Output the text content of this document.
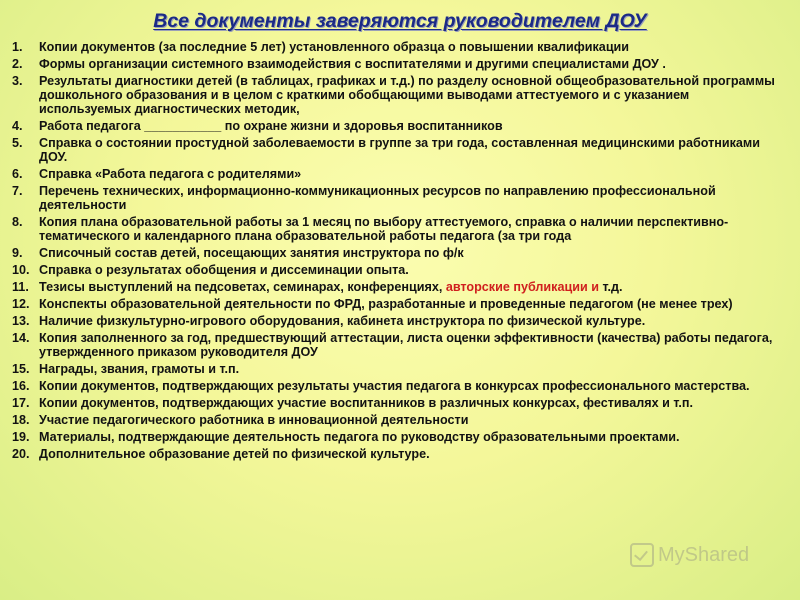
Все документы заверяются руководителем ДОУ
1.	Копии документов (за последние 5 лет) установленного образца о повышении квалификации
2.	Формы организации системного взаимодействия с воспитателями и другими специалистами ДОУ .
3.	Результаты диагностики детей (в таблицах, графиках и т.д.) по разделу основной общеобразовательной программы дошкольного образования и в целом с краткими обобщающими выводами аттестуемого и с указанием используемых диагностических методик,
4.	Работа педагога ___________ по охране жизни и здоровья воспитанников
5.	Справка о состоянии простудной заболеваемости в группе за три года, составленная медицинскими работниками ДОУ.
6.	Справка «Работа педагога с родителями»
7.	Перечень технических, информационно-коммуникационных ресурсов по направлению профессиональной деятельности
8.	Копия плана образовательной работы за 1 месяц по выбору аттестуемого, справка о наличии перспективно-тематического и календарного плана образовательной работы педагога (за три года
9.	Списочный состав детей, посещающих занятия инструктора по ф/к
10. Справка о результатах обобщения и диссеминации опыта.
11. Тезисы выступлений на педсоветах, семинарах, конференциях, авторские публикации и т.д.
12. Конспекты образовательной деятельности по ФРД, разработанные и проведенные педагогом (не менее трех)
13. Наличие физкультурно-игрового оборудования, кабинета инструктора по физической культуре.
14. Копия заполненного за год, предшествующий аттестации, листа оценки эффективности (качества) работы педагога, утвержденного приказом руководителя ДОУ
15. Награды, звания, грамоты и т.п.
16. Копии документов, подтверждающих результаты участия педагога в конкурсах профессионального мастерства.
17. Копии документов, подтверждающих участие воспитанников в различных конкурсах, фестивалях и т.п.
18. Участие педагогического работника в инновационной деятельности
19. Материалы, подтверждающие деятельность педагога по руководству образовательными проектами.
20. Дополнительное образование детей по физической культуре.
MyShared
